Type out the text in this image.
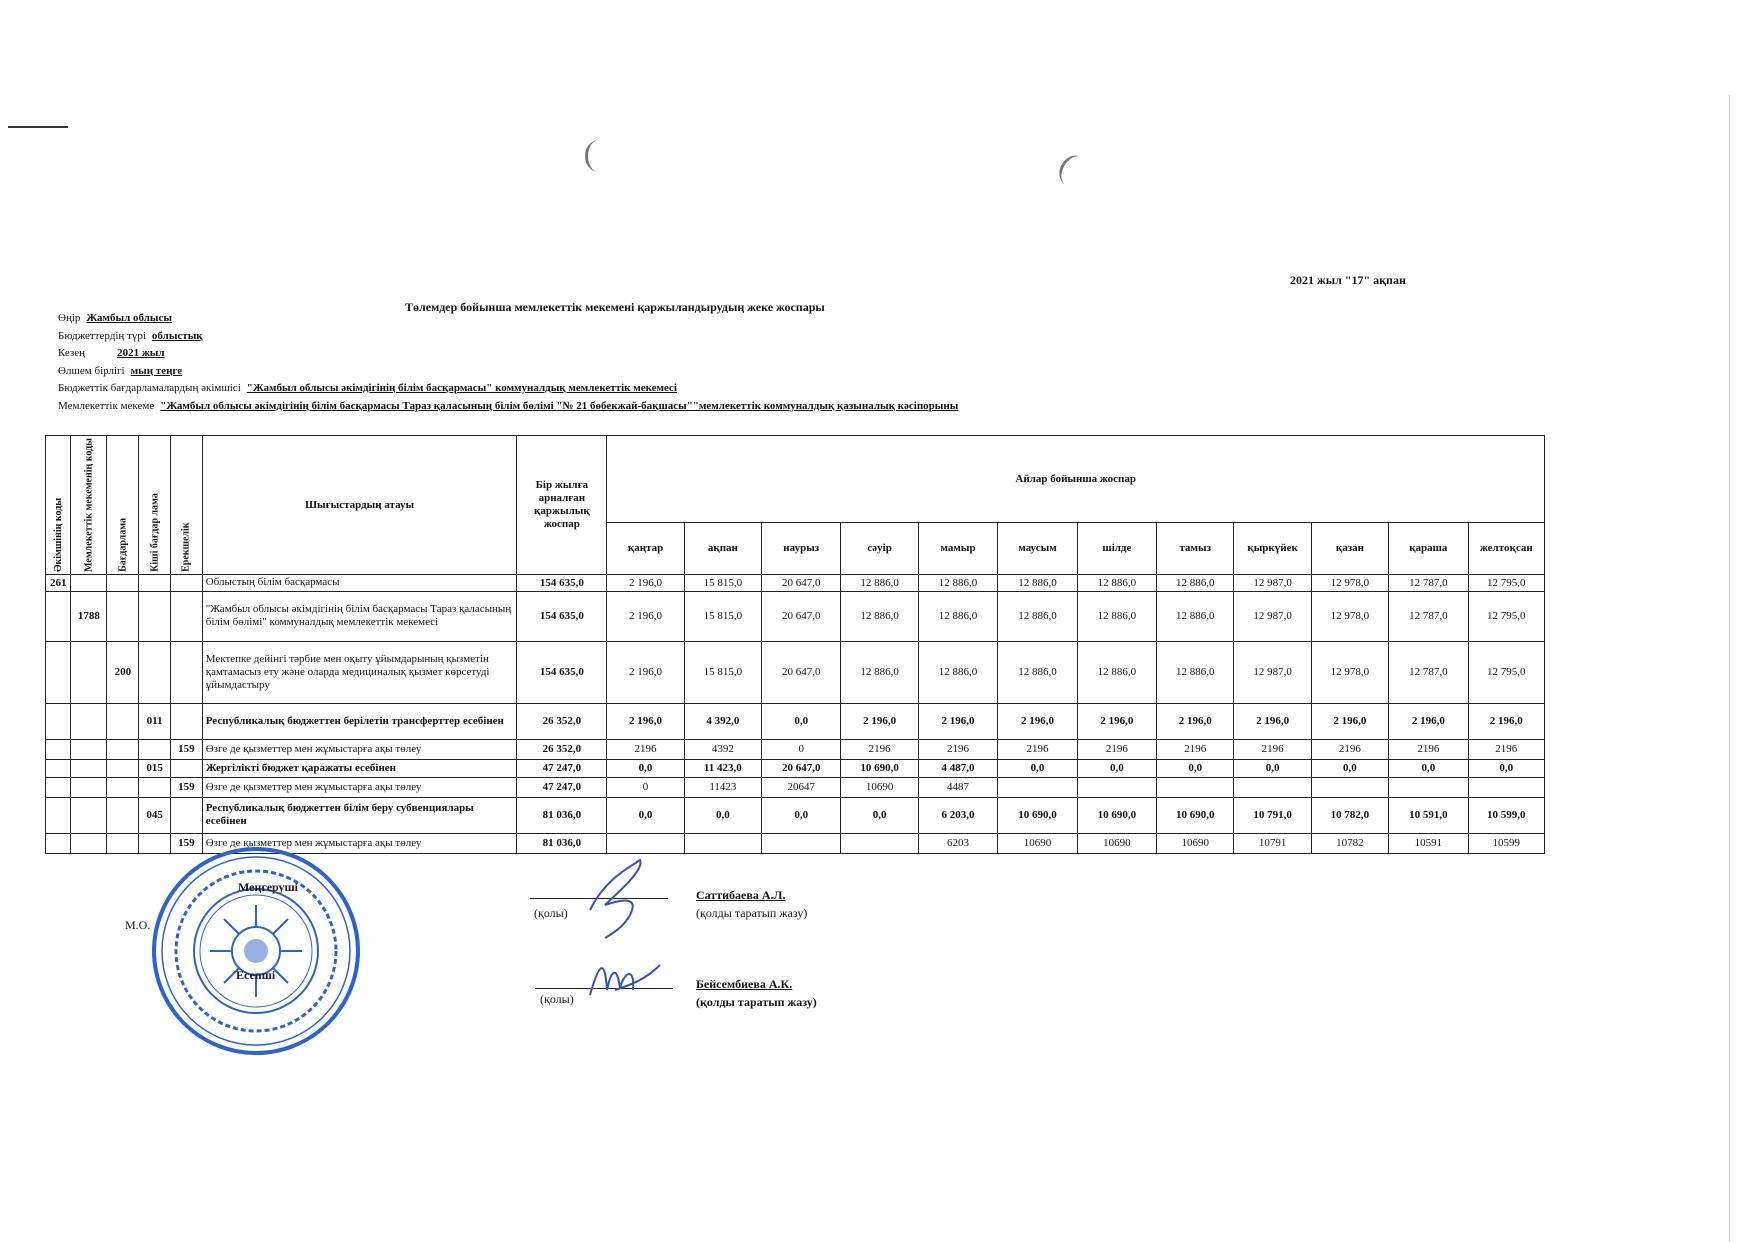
2021 жыл "17" ақпан
Төлемдер бойынша мемлекеттік мекемені қаржыландырудың жеке жоспары
Өңір Жамбыл облысы
Бюджеттердің түрі облыстық
Кезең	2021 жыл
Өлшем бірлігі мың теңге
Бюджеттік бағдарламалардың әкімшісі "Жамбыл облысы әкімдігінің білім басқармасы" коммуналдық мемлекеттік мекемесі
Мемлекеттік мекеме "Жамбыл облысы әкімдігінің білім басқармасы Тараз қаласының білім бөлімі "№ 21 бөбекжай-бақшасы""мемлекеттік коммуналдық қазыналық кәсіпорыны
Әкімшінің коды	Мемлекеттік мекеменің коды	Бағдарлама	Кіші бағдар лама	Ерекшелік	Шығыстардың атауы	Бір жылға арналған қаржылық жоспар	Айлар бойынша жоспар											
							қаңтар	ақпан	наурыз	сәуір	мамыр	маусым	шілде	тамыз	қыркүйек	қазан	қараша	желтоқсан
261					Облыстың білім басқармасы	154 635,0	2 196,0	15 815,0	20 647,0	12 886,0	12 886,0	12 886,0	12 886,0	12 886,0	12 987,0	12 978,0	12 787,0	12 795,0
	1788				"Жамбыл облысы әкімдігінің білім басқармасы Тараз қаласының білім бөлімі" коммуналдық мемлекеттік мекемесі	154 635,0	2 196,0	15 815,0	20 647,0	12 886,0	12 886,0	12 886,0	12 886,0	12 886,0	12 987,0	12 978,0	12 787,0	12 795,0
		200			Мектепке дейінгі тәрбие мен оқыту ұйымдарының қызметін қамтамасыз ету және оларда медициналық қызмет көрсетуді ұйымдастыру	154 635,0	2 196,0	15 815,0	20 647,0	12 886,0	12 886,0	12 886,0	12 886,0	12 886,0	12 987,0	12 978,0	12 787,0	12 795,0
			011		Республикалық бюджеттен берілетін трансферттер есебінен	26 352,0	2 196,0	4 392,0	0,0	2 196,0	2 196,0	2 196,0	2 196,0	2 196,0	2 196,0	2 196,0	2 196,0	2 196,0
				159	Өзге де қызметтер мен жұмыстарға ақы төлеу	26 352,0	2196	4392	0	2196	2196	2196	2196	2196	2196	2196	2196	2196
			015		Жергілікті бюджет қаражаты есебінен	47 247,0	0,0	11 423,0	20 647,0	10 690,0	4 487,0	0,0	0,0	0,0	0,0	0,0	0,0	0,0
				159	Өзге де қызметтер мен жұмыстарға ақы төлеу	47 247,0	0	11423	20647	10690	4487							
			045		Республикалық бюджеттен білім беру субвенциялары есебінен	81 036,0	0,0	0,0	0,0	0,0	6 203,0	10 690,0	10 690,0	10 690,0	10 791,0	10 782,0	10 591,0	10 599,0
				159	Өзге де қызметтер мен жұмыстарға ақы төлеу	81 036,0					6203	10690	10690	10690	10791	10782	10591	10599
М.О.
Меңгеруші
Есепші
(қолы)
Саттибаева А.Л.
(қолды таратып жазу)
(қолы)
Бейсембиева А.К.
(қолды таратып жазу)
